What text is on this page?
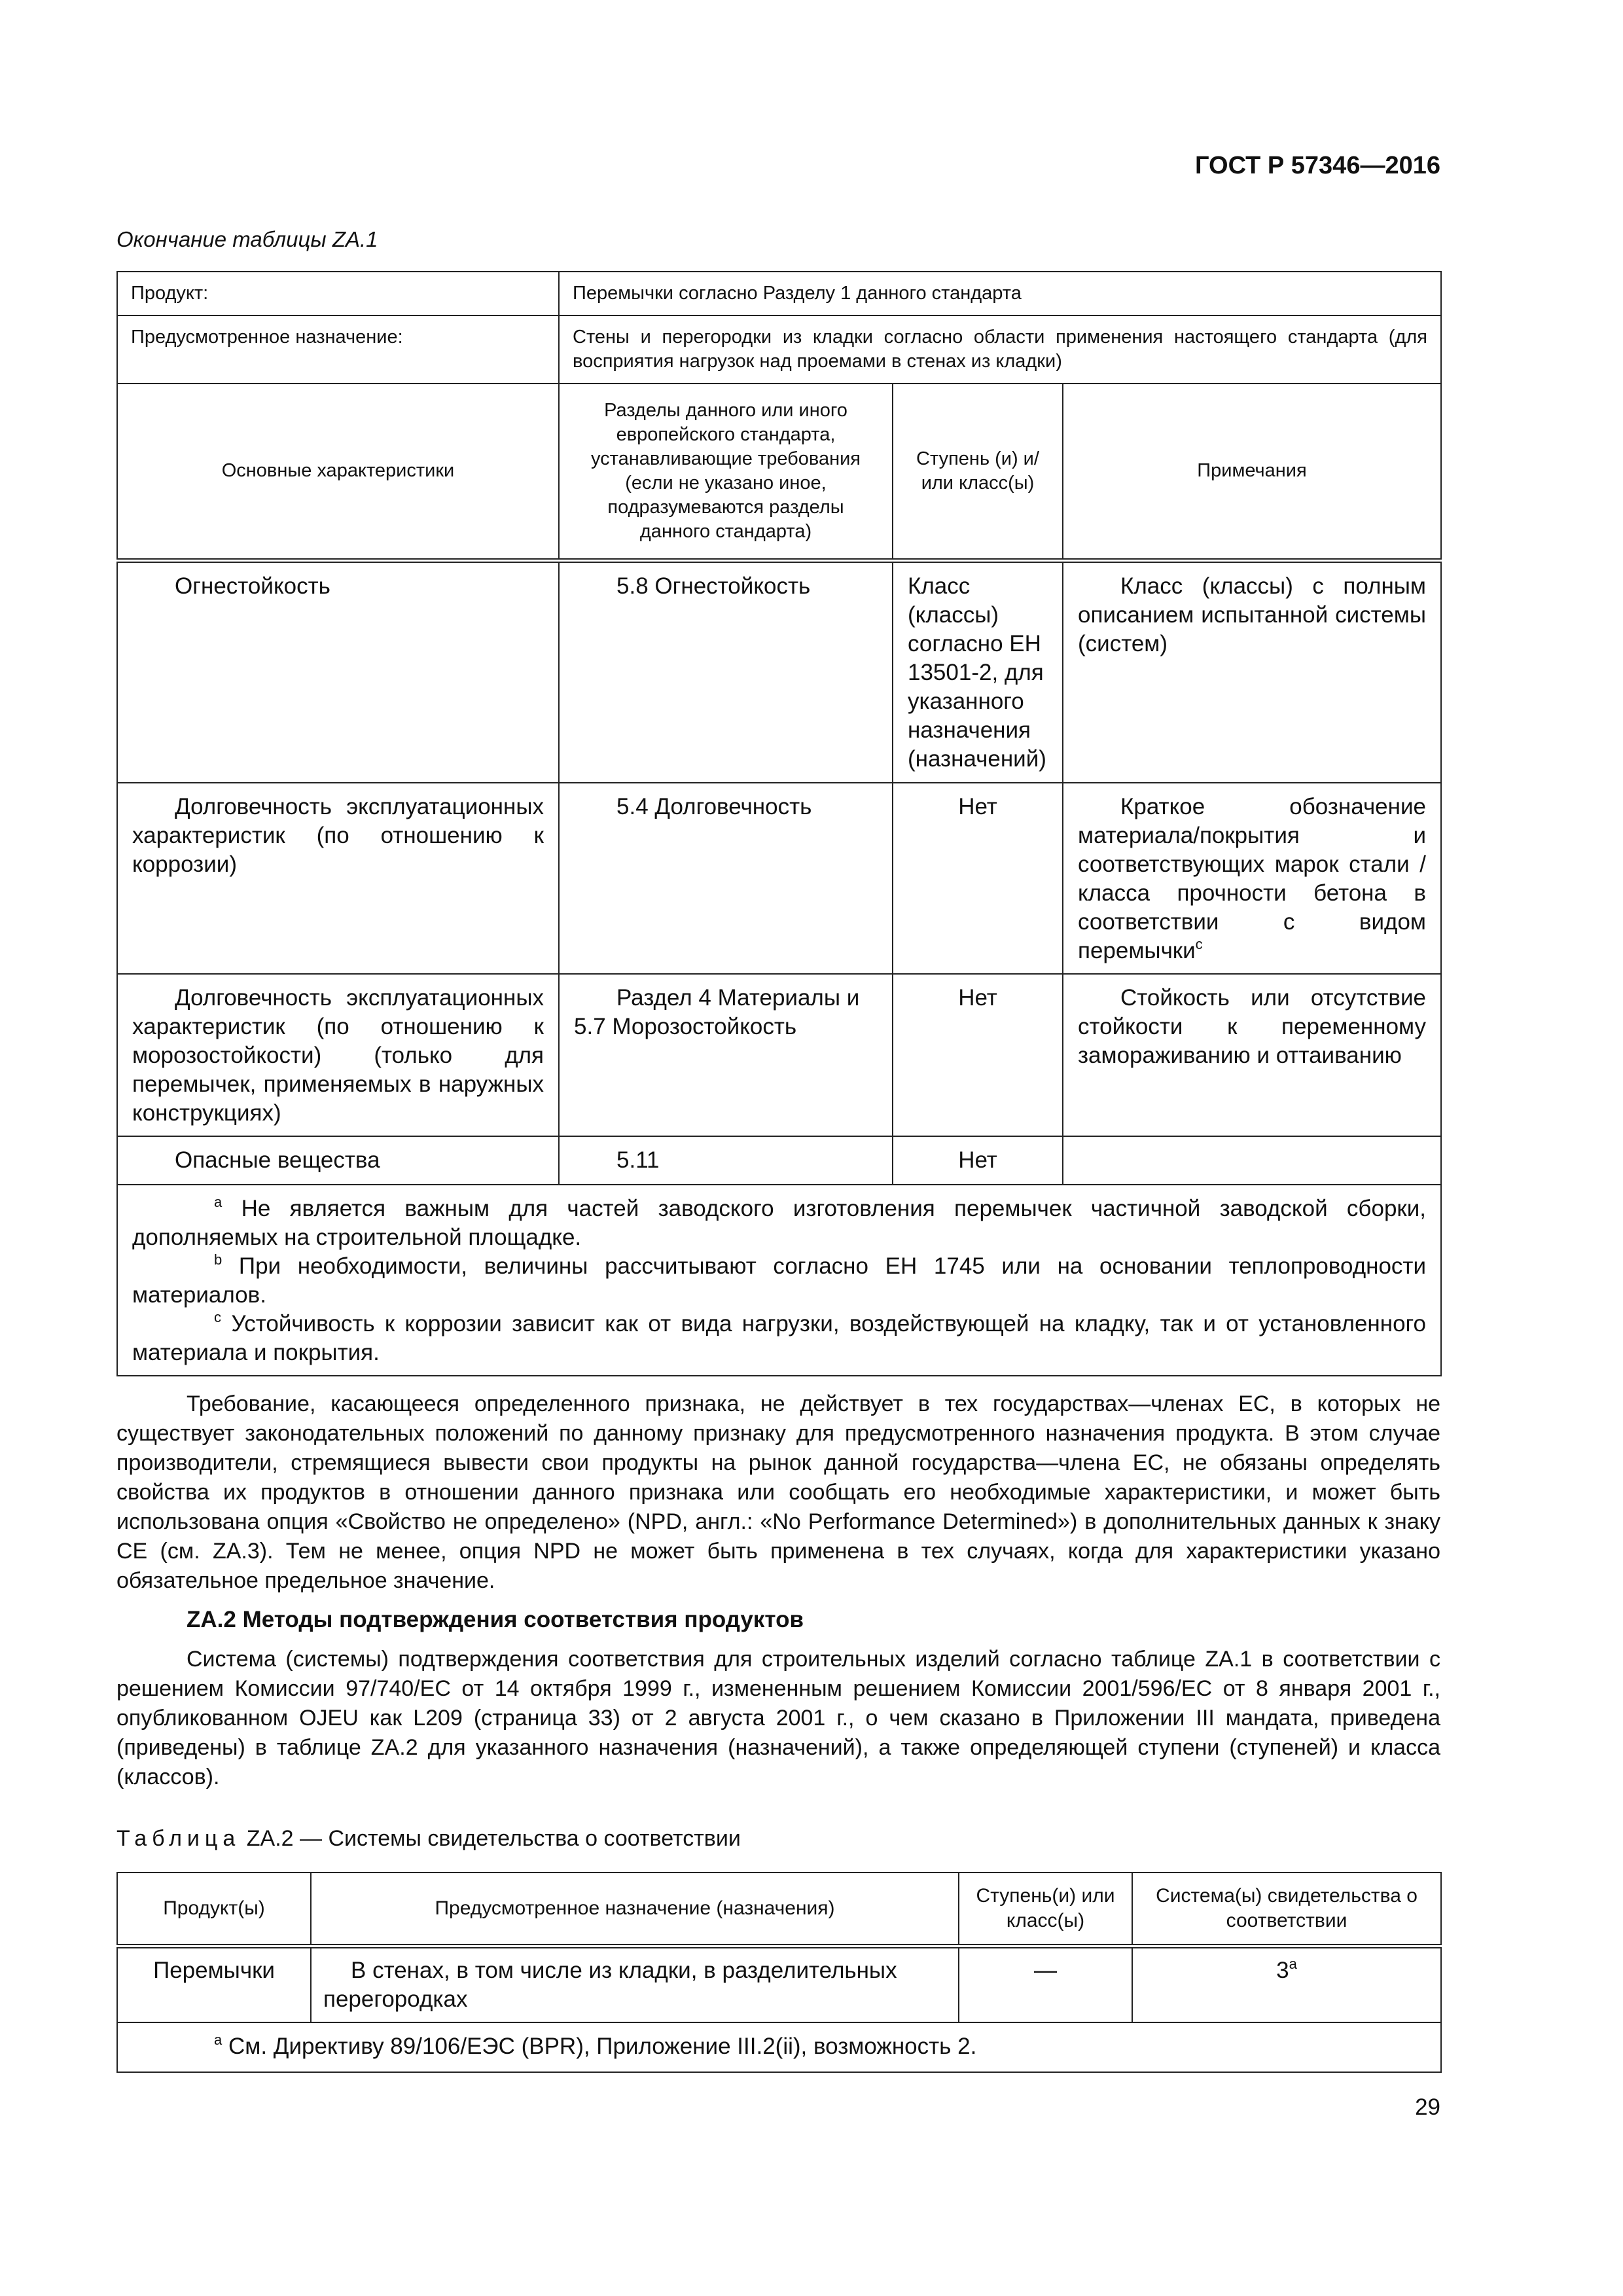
ГОСТ Р 57346—2016
Окончание таблицы ZA.1
Продукт:	Перемычки согласно Разделу 1 данного стандарта		
Предусмотренное назначение:	Стены и перегородки из кладки согласно области применения настоящего стандарта (для восприятия нагрузок над проемами в стенах из кладки)		
Основные характеристики	Разделы данного или иного европейского стандарта, устанавливающие требования (если не указано иное, подразумеваются разделы данного стандарта)	Ступень (и) и/или класс(ы)	Примечания
Огнестойкость	5.8 Огнестойкость	Класс (классы) согласно ЕН 13501-2, для указанного назначения (назначений)	Класс (классы) с полным описанием испытанной системы (систем)
Долговечность эксплуатационных характеристик (по отношению к коррозии)	5.4 Долговечность	Нет	Краткое обозначение материала/покрытия и соответствующих марок стали / класса прочности бетона в соответствии с видом перемычки$^c$
Долговечность эксплуатационных характеристик (по отношению к морозостойкости) (только для перемычек, применяемых в наружных конструкциях)	Раздел 4 Материалы и 5.7 Морозостойкость	Нет	Стойкость или отсутствие стойкости к переменному замораживанию и оттаиванию
Опасные вещества	5.11	Нет	

$^a$ Не является важным для частей заводского изготовления перемычек частичной заводской сборки, дополняемых на строительной площадке.

$^b$ При необходимости, величины рассчитывают согласно ЕН 1745 или на основании теплопроводности материалов.

$^c$ Устойчивость к коррозии зависит как от вида нагрузки, воздействующей на кладку, так и от установленного материала и покрытия.			

Требование, касающееся определенного признака, не действует в тех государствах—членах ЕС, в которых не существует законодательных положений по данному признаку для предусмотренного назначения продукта. В этом случае производители, стремящиеся вывести свои продукты на рынок данной государства—члена ЕС, не обязаны определять свойства их продуктов в отношении данного признака или сообщать его необходимые характеристики, и может быть использована опция «Свойство не определено» (NPD, англ.: «No Performance Determined») в дополнительных данных к знаку СЕ (см. ZA.3). Тем не менее, опция NPD не может быть применена в тех случаях, когда для характеристики указано обязательное предельное значение.

ZA.2 Методы подтверждения соответствия продуктов

Система (системы) подтверждения соответствия для строительных изделий согласно таблице ZA.1 в соответствии с решением Комиссии 97/740/ЕС от 14 октября 1999 г., измененным решением Комиссии 2001/596/ЕС от 8 января 2001 г., опубликованном OJEU как L209 (страница 33) от 2 августа 2001 г., о чем сказано в Приложении III мандата, приведена (приведены) в таблице ZA.2 для указанного назначения (назначений), а также определяющей ступени (ступеней) и класса (классов).

Таблица ZA.2 — Системы свидетельства о соответствии
Продукт(ы)	Предусмотренное назначение (назначения)	Ступень(и) или класс(ы)	Система(ы) свидетельства о соответствии
Перемычки	В стенах, в том числе из кладки, в разделительных перегородках	—	3$^a$

$^a$ См. Директиву 89/106/ЕЭС (BPR), Приложение III.2(ii), возможность 2.			

29
